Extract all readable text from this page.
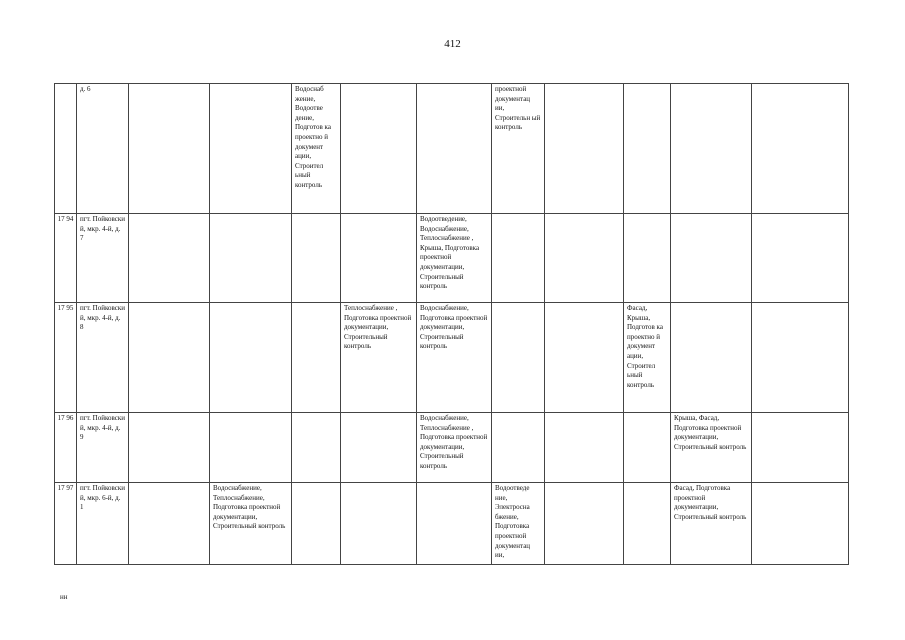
412
	д. 6			Водоснаб жение, Водоотве дение, Подготов ка проектно й документ ации, Строител ьный контроль			проектной документац ии, Строительн ый контроль				
17 94	пгт. Пойковски й, мкр. 4-й, д. 7					Водоотведение, Водоснабжение, Теплоснабжение , Крыша, Подготовка проектной документации, Строительный контроль					
17 95	пгт. Пойковски й, мкр. 4-й, д. 8				Теплоснабжение , Подготовка проектной документации, Строительный контроль	Водоснабжение, Подготовка проектной документации, Строительный контроль			Фасад, Крыша, Подготов ка проектно й документ ации, Строител ьный контроль		
17 96	пгт. Пойковски й, мкр. 4-й, д. 9					Водоснабжение, Теплоснабжение , Подготовка проектной документации, Строительный контроль				Крыша, Фасад, Подготовка проектной документации, Строительный контроль	
17 97	пгт. Пойковски й, мкр. 6-й, д. 1		Водоснабжение, Теплоснабжение, Подготовка проектной документации, Строительный контроль				Водоотведе ние, Электросна бжение, Подготовка проектной документац ии,			Фасад, Подготовка проектной документации, Строительный контроль	
нн
